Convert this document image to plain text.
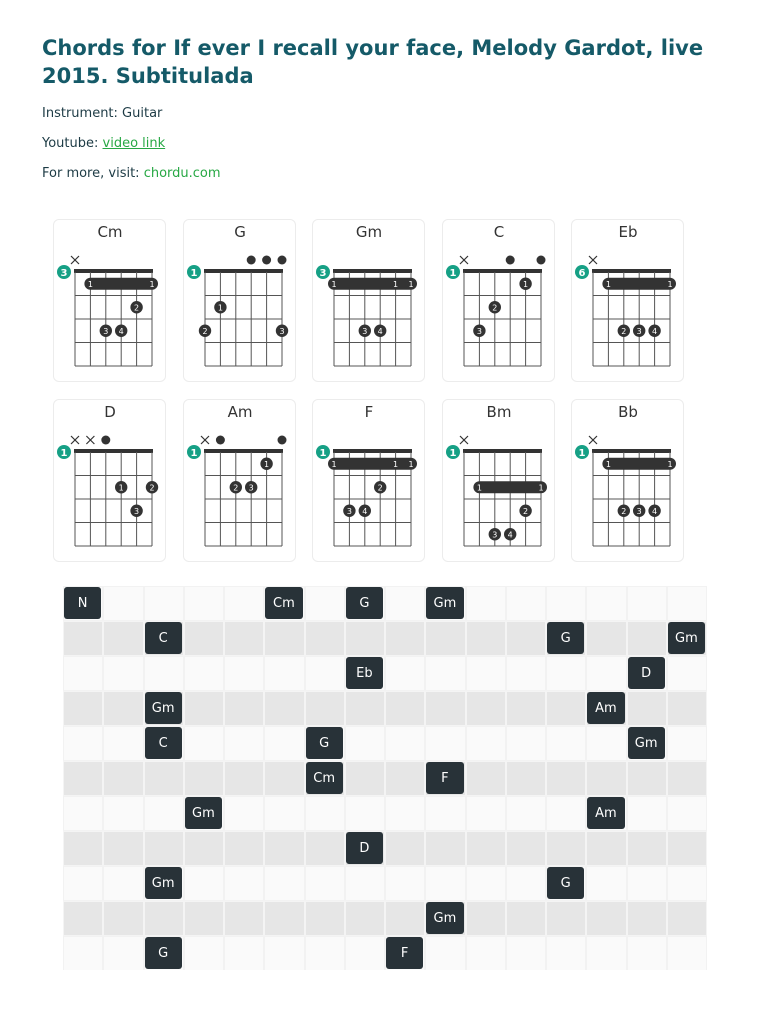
Chords for If ever I recall your face, Melody Gardot, live 2015. Subtitulada

Instrument: Guitar

Youtube: video link

For more, visit: chordu.com

Cm
3
1	1
2
3 4
G
1
1
2	3
Gm
3
1	1
1
3 4
C
1
1
2
3
Eb
6
1	1
2 3 4
D
1
1	2
3
Am
1
1
2 3
F
1
1	1
1
2
3 4
Bm
1
1	1
2
3 4
Bb
1
1	1
2 3 4
N	Cm	G	Gm
C	G	Gm
Eb	D
Gm	Am
C	G	Gm
Cm	F
Gm	Am
D
Gm	G
Gm
G	F
